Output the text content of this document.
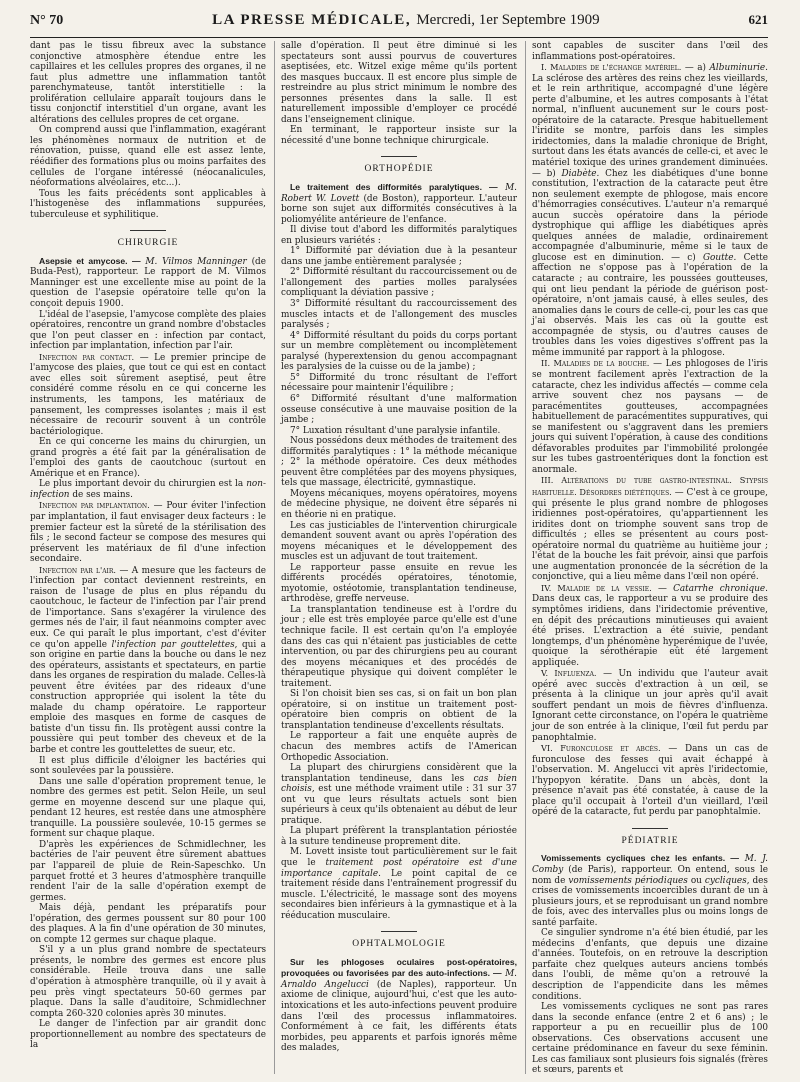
N° 70	LA PRESSE MÉDICALE, Mercredi, 1er Septembre 1909	621

dant pas le tissu fibreux avec la substance conjonctive atmosphère étendue entre les capillaires et les cellules propres des organes, il ne faut plus admettre une inflammation tantôt parenchymateuse, tantôt interstitielle : la prolifération cellulaire apparaît toujours dans le tissu conjonctif interstitiel d'un organe, avant les altérations des cellules propres de cet organe.

On comprend aussi que l'inflammation, exagérant les phénomènes normaux de nutrition et de rénovation, puisse, quand elle est assez lente, réédifier des formations plus ou moins parfaites des cellules de l'organe intéressé (néocanalicules, néoformations alvéolaires, etc...).

Tous les faits précédents sont applicables à l'histogenèse des inflammations suppurées, tuberculeuse et syphilitique.

CHIRURGIE

Asepsie et amycose. — M. Vilmos Manninger (de Buda-Pest), rapporteur. Le rapport de M. Vilmos Manninger est une excellente mise au point de la question de l'asepsie opératoire telle qu'on la conçoit depuis 1900.

L'idéal de l'asepsie, l'amycose complète des plaies opératoires, rencontre un grand nombre d'obstacles que l'on peut classer en : infection par contact, infection par implantation, infection par l'air.

Infection par contact. — Le premier principe de l'amycose des plaies, que tout ce qui est en contact avec elles soit sûrement aseptisé, peut être considéré comme résolu en ce qui concerne les instruments, les tampons, les matériaux de pansement, les compresses isolantes ; mais il est nécessaire de recourir souvent à un contrôle bactériologique.

En ce qui concerne les mains du chirurgien, un grand progrès a été fait par la généralisation de l'emploi des gants de caoutchouc (surtout en Amérique et en France).

Le plus important devoir du chirurgien est la non-infection de ses mains.

Infection par implantation. — Pour éviter l'infection par implantation, il faut envisager deux facteurs : le premier facteur est la sûreté de la stérilisation des fils ; le second facteur se compose des mesures qui préservent les matériaux de fil d'une infection secondaire.

Infection par l'air. — A mesure que les facteurs de l'infection par contact deviennent restreints, en raison de l'usage de plus en plus répandu du caoutchouc, le facteur de l'infection par l'air prend de l'importance. Sans s'exagérer la virulence des germes nés de l'air, il faut néanmoins compter avec eux. Ce qui paraît le plus important, c'est d'éviter ce qu'on appelle l'infection par gouttelettes, qui a son origine en partie dans la bouche ou dans le nez des opérateurs, assistants et spectateurs, en partie dans les organes de respiration du malade. Celles-là peuvent être évitées par des rideaux d'une construction appropriée qui isolent la tête du malade du champ opératoire. Le rapporteur emploie des masques en forme de casques de batiste d'un tissu fin. Ils protègent aussi contre la poussière qui peut tomber des cheveux et de la barbe et contre les gouttelettes de sueur, etc.

Il est plus difficile d'éloigner les bactéries qui sont soulevées par la poussière.

Dans une salle d'opération proprement tenue, le nombre des germes est petit. Selon Heile, un seul germe en moyenne descend sur une plaque qui, pendant 12 heures, est restée dans une atmosphère tranquille. La poussière soulevée, 10-15 germes se forment sur chaque plaque.

D'après les expériences de Schmidlechner, les bactéries de l'air peuvent être sûrement abattues par l'appareil de pluie de Rein-Sapeschko. Un parquet frotté et 3 heures d'atmosphère tranquille rendent l'air de la salle d'opération exempt de germes.

Mais déjà, pendant les préparatifs pour l'opération, des germes poussent sur 80 pour 100 des plaques. A la fin d'une opération de 30 minutes, on compte 12 germes sur chaque plaque.

S'il y a un plus grand nombre de spectateurs présents, le nombre des germes est encore plus considérable. Heile trouva dans une salle d'opération à atmosphère tranquille, où il y avait à peu près vingt spectateurs 50-60 germes par plaque. Dans la salle d'auditoire, Schmidlechner compta 260-320 colonies après 30 minutes.

Le danger de l'infection par air grandit donc proportionnellement au nombre des spectateurs de la

salle d'opération. Il peut être diminué si les spectateurs sont aussi pourvus de couvertures aseptisées, etc. Witzel exige même qu'ils portent des masques buccaux. Il est encore plus simple de restreindre au plus strict minimum le nombre des personnes présentes dans la salle. Il est naturellement impossible d'employer ce procédé dans l'enseignement clinique.

En terminant, le rapporteur insiste sur la nécessité d'une bonne technique chirurgicale.

ORTHOPÉDIE

Le traitement des difformités paralytiques. — M. Robert W. Lovett (de Boston), rapporteur. L'auteur borne son sujet aux difformités consécutives à la poliomyélite antérieure de l'enfance.

Il divise tout d'abord les difformités paralytiques en plusieurs variétés :

1° Difformité par déviation due à la pesanteur dans une jambe entièrement paralysée ;

2° Difformité résultant du raccourcissement ou de l'allongement des parties molles paralysées compliquant la déviation passive ;

3° Difformité résultant du raccourcissement des muscles intacts et de l'allongement des muscles paralysés ;

4° Difformité résultant du poids du corps portant sur un membre complètement ou incomplètement paralysé (hyperextension du genou accompagnant les paralysies de la cuisse ou de la jambe) ;

5° Difformité du tronc résultant de l'effort nécessaire pour maintenir l'équilibre ;

6° Difformité résultant d'une malformation osseuse consécutive à une mauvaise position de la jambe ;

7° Luxation résultant d'une paralysie infantile.

Nous possédons deux méthodes de traitement des difformités paralytiques : 1° la méthode mécanique ; 2° la méthode opératoire. Ces deux méthodes peuvent être complétées par des moyens physiques, tels que massage, électricité, gymnastique.

Moyens mécaniques, moyens opératoires, moyens de médecine physique, ne doivent être séparés ni en théorie ni en pratique.

Les cas justiciables de l'intervention chirurgicale demandent souvent avant ou après l'opération des moyens mécaniques et le développement des muscles est un adjuvant de tout traitement.

Le rapporteur passe ensuite en revue les différents procédés opératoires, ténotomie, myotomie, ostéotomie, transplantation tendineuse, arthrodèse, greffe nerveuse.

La transplantation tendineuse est à l'ordre du jour ; elle est très employée parce qu'elle est d'une technique facile. Il est certain qu'on l'a employée dans des cas qui n'étaient pas justiciables de cette intervention, ou par des chirurgiens peu au courant des moyens mécaniques et des procédés de thérapeutique physique qui doivent compléter le traitement.

Si l'on choisit bien ses cas, si on fait un bon plan opératoire, si on institue un traitement post-opératoire bien compris on obtient de la transplantation tendineuse d'excellents résultats.

Le rapporteur a fait une enquête auprès de chacun des membres actifs de l'American Orthopedic Association.

La plupart des chirurgiens considèrent que la transplantation tendineuse, dans les cas bien choisis, est une méthode vraiment utile : 31 sur 37 ont vu que leurs résultats actuels sont bien supérieurs à ceux qu'ils obtenaient au début de leur pratique.

La plupart préfèrent la transplantation périostée à la suture tendineuse proprement dite.

M. Lovett insiste tout particulièrement sur le fait que le traitement post opératoire est d'une importance capitale. Le point capital de ce traitement réside dans l'entraînement progressif du muscle. L'électricité, le massage sont des moyens secondaires bien inférieurs à la gymnastique et à la rééducation musculaire.

OPHTALMOLOGIE

Sur les phlogoses oculaires post-opératoires, provoquées ou favorisées par des auto-infections. — M. Arnaldo Angelucci (de Naples), rapporteur. Un axiome de clinique, aujourd'hui, c'est que les auto-intoxications et les auto-infections peuvent produire dans l'œil des processus inflammatoires. Conformément à ce fait, les différents états morbides, peu apparents et parfois ignorés même des malades,

sont capables de susciter dans l'œil des inflammations post-opératoires.

I. Maladies de l'échange matériel. — a) Albuminurie. La sclérose des artères des reins chez les vieillards, et le rein arthritique, accompagné d'une légère perte d'albumine, et les autres composants à l'état normal, n'influent aucunement sur le cours post-opératoire de la cataracte. Presque habituellement l'iridite se montre, parfois dans les simples iridectomies, dans la maladie chronique de Bright, surtout dans les états avancés de celle-ci, et avec le matériel toxique des urines grandement diminuées. — b) Diabète. Chez les diabétiques d'une bonne constitution, l'extraction de la cataracte peut être non seulement exempte de phlogose, mais encore d'hémorragies consécutives. L'auteur n'a remarqué aucun succès opératoire dans la période dystrophique qui afflige les diabétiques après quelques années de maladie, ordinairement accompagnée d'albuminurie, même si le taux de glucose est en diminution. — c) Goutte. Cette affection ne s'oppose pas à l'opération de la cataracte ; au contraire, les poussées goutteuses, qui ont lieu pendant la période de guérison post-opératoire, n'ont jamais causé, à elles seules, des anomalies dans le cours de celle-ci, pour les cas que j'ai observés. Mais les cas où la goutte est accompagnée de stysis, ou d'autres causes de troubles dans les voies digestives s'offrent pas la même immunité par rapport à la phlogose.

II. Maladies de la bouche. — Les phlogoses de l'iris se montrent facilement après l'extraction de la cataracte, chez les individus affectés — comme cela arrive souvent chez nos paysans — de paracémentites goutteuses, accompagnées habituellement de paracémentites suppuratives, qui se manifestent ou s'aggravent dans les premiers jours qui suivent l'opération, à cause des conditions défavorables produites par l'immobilité prolongée sur les tubes gastroentériques dont la fonction est anormale.

III. Altérations du tube gastro-intestinal. Stypsis habituelle. Désordres diététiques. — C'est à ce groupe, qui présente le plus grand nombre de phlogoses iridiennes post-opératoires, qu'appartiennent les iridites dont on triomphe souvent sans trop de difficultés ; elles se présentent au cours post-opératoire normal du quatrième au huitième jour ; l'état de la bouche les fait prévoir, ainsi que parfois une augmentation prononcée de la sécrétion de la conjonctive, qui a lieu même dans l'œil non opéré.

IV. Maladie de la vessie. — Catarrhe chronique. Dans deux cas, le rapporteur a vu se produire des symptômes iridiens, dans l'iridectomie préventive, en dépit des précautions minutieuses qui avaient été prises. L'extraction a été suivie, pendant longtemps, d'un phénomène hyperémique de l'uvée, quoique la sérothérapie eût été largement appliquée.

V. Influenza. — Un individu que l'auteur avait opéré avec succès d'extraction à un œil, se présenta à la clinique un jour après qu'il avait souffert pendant un mois de fièvres d'influenza. Ignorant cette circonstance, on l'opéra le quatrième jour de son entrée à la clinique, l'œil fut perdu par panophtalmie.

VI. Furonculose et abcès. — Dans un cas de furonculose des fesses qui avait échappé à l'observation. M. Angelucci vit après l'iridectomie, l'hypopyon kératite. Dans un abcès, dont la présence n'avait pas été constatée, à cause de la place qu'il occupait à l'orteil d'un vieillard, l'œil opéré de la cataracte, fut perdu par panophtalmie.

PÉDIATRIE

Vomissements cycliques chez les enfants. — M. J. Comby (de Paris), rapporteur. On entend, sous le nom de vomissements périodiques ou cycliques, des crises de vomissements incoercibles durant de un à plusieurs jours, et se reproduisant un grand nombre de fois, avec des intervalles plus ou moins longs de santé parfaite.

Ce singulier syndrome n'a été bien étudié, par les médecins d'enfants, que depuis une dizaine d'années. Toutefois, on en retrouve la description parfaite chez quelques auteurs anciens tombés dans l'oubli, de même qu'on a retrouvé la description de l'appendicite dans les mêmes conditions.

Les vomissements cycliques ne sont pas rares dans la seconde enfance (entre 2 et 6 ans) ; le rapporteur a pu en recueillir plus de 100 observations. Ces observations accusent une certaine prédominance en faveur du sexe féminin. Les cas familiaux sont plusieurs fois signalés (frères et sœurs, parents et
